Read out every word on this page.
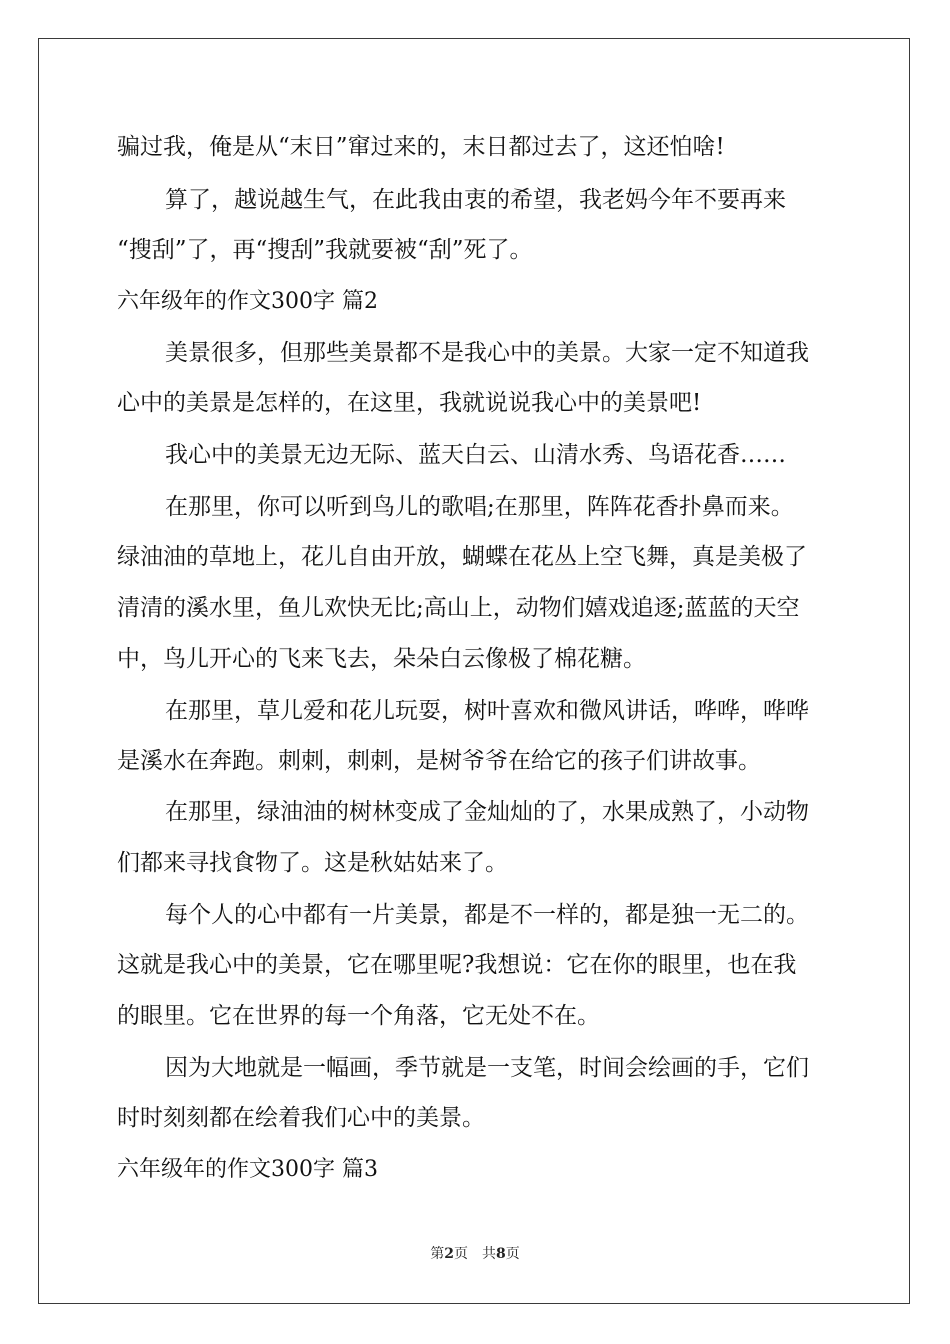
骗过我，俺是从“末日”窜过来的，末日都过去了，这还怕啥!
算了，越说越生气，在此我由衷的希望，我老妈今年不要再来
“搜刮”了，再“搜刮”我就要被“刮”死了。
六年级年的作文300字 篇2
美景很多，但那些美景都不是我心中的美景。大家一定不知道我
心中的美景是怎样的，在这里，我就说说我心中的美景吧!
我心中的美景无边无际、蓝天白云、山清水秀、鸟语花香……
在那里，你可以听到鸟儿的歌唱;在那里，阵阵花香扑鼻而来。
绿油油的草地上，花儿自由开放，蝴蝶在花丛上空飞舞，真是美极了
清清的溪水里，鱼儿欢快无比;高山上，动物们嬉戏追逐;蓝蓝的天空
中，鸟儿开心的飞来飞去，朵朵白云像极了棉花糖。
在那里，草儿爱和花儿玩耍，树叶喜欢和微风讲话，哗哗，哗哗
是溪水在奔跑。刺刺，刺刺，是树爷爷在给它的孩子们讲故事。
在那里，绿油油的树林变成了金灿灿的了，水果成熟了，小动物
们都来寻找食物了。这是秋姑姑来了。
每个人的心中都有一片美景，都是不一样的，都是独一无二的。
这就是我心中的美景，它在哪里呢?我想说：它在你的眼里，也在我
的眼里。它在世界的每一个角落，它无处不在。
因为大地就是一幅画，季节就是一支笔，时间会绘画的手，它们
时时刻刻都在绘着我们心中的美景。
六年级年的作文300字 篇3
第2页　共8页
